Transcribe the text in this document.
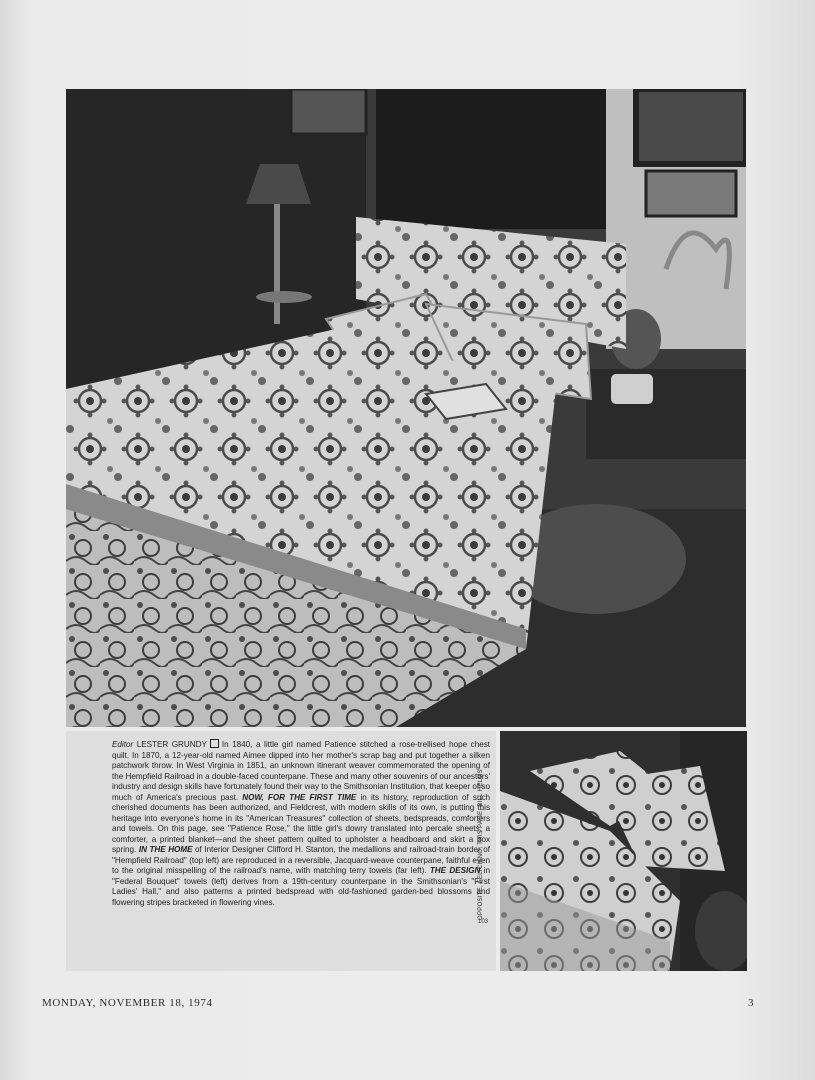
Editor LESTER GRUNDY In 1840, a little girl named Patience stitched a rose-trellised hope chest quilt. In 1870, a 12-year-old named Aimee dipped into her mother's scrap bag and put together a silken patchwork throw. In West Virginia in 1851, an unknown itinerant weaver commemorated the opening of the Hempfield Railroad in a double-faced counterpane. These and many other souvenirs of our ancestors' industry and design skills have fortunately found their way to the Smithsonian Institution, that keeper of so much of America's precious past. NOW, FOR THE FIRST TIME in its history, reproduction of such cherished documents has been authorized, and Fieldcrest, with modern skills of its own, is putting this heritage into everyone's home in its "American Treasures" collection of sheets, bedspreads, comforters and towels. On this page, see "Patience Rose," the little girl's dowry translated into percale sheets, a comforter, a printed blanket—and the sheet pattern quilted to upholster a headboard and skirt a box spring. IN THE HOME of Interior Designer Clifford H. Stanton, the medallions and railroad-train border of "Hempfield Railroad" (top left) are reproduced in a reversible, Jacquard-weave counterpane, faithful even to the original misspelling of the railroad's name, with matching terry towels (far left). THE DESIGN in "Federal Bouquet" towels (left) derives from a 19th-century counterpane in the Smithsonian's "First Ladies' Hall," and also patterns a printed bedspread with old-fashioned garden-bed blossoms and flowering stripes bracketed in flowering vines.
103
OPPOSITE, FELICIANO; THIS PAGE, BILL HELMS
MONDAY, NOVEMBER 18, 1974	3
